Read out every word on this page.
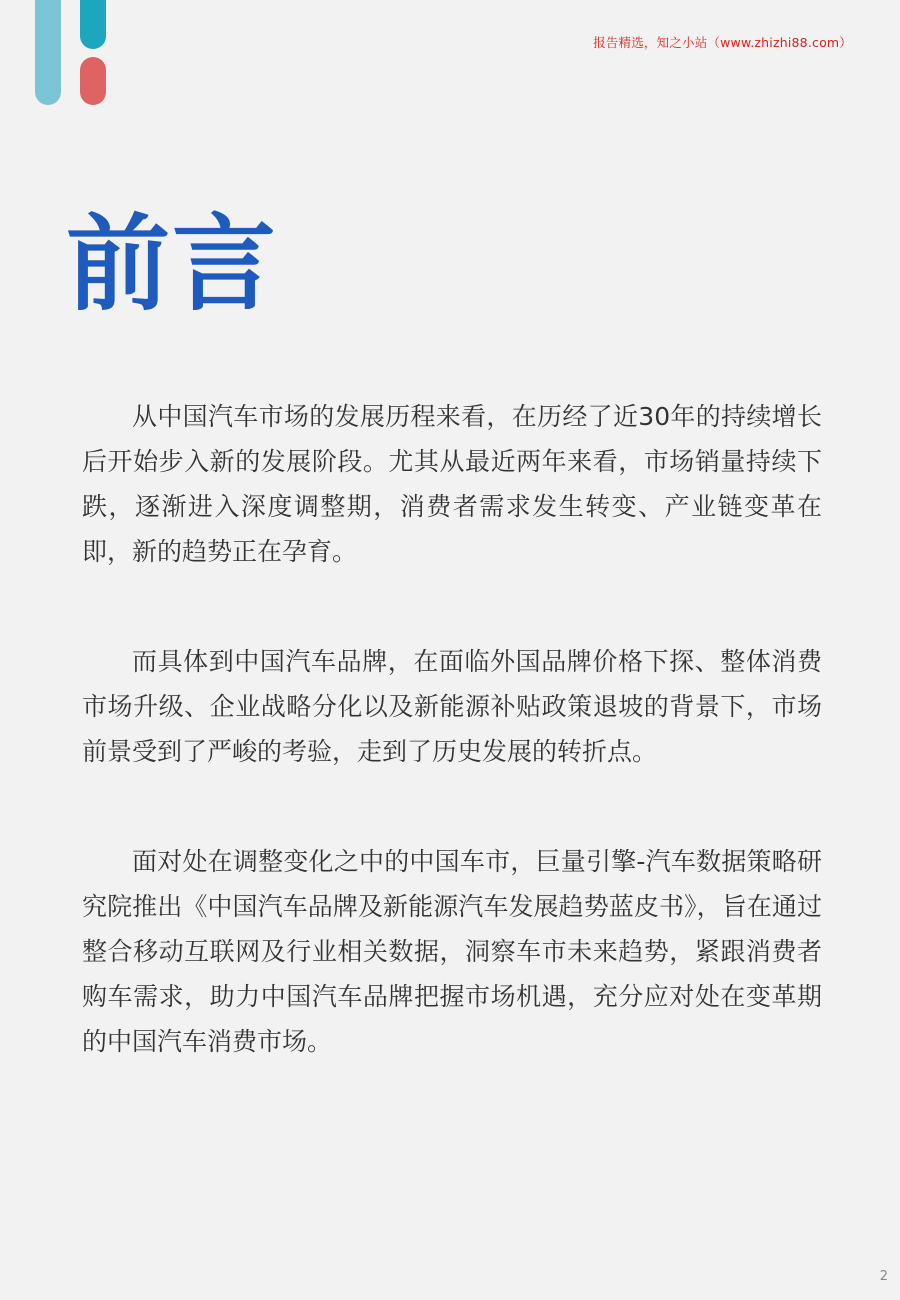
报告精选，知之小站（www.zhizhi88.com）
前言

从中国汽车市场的发展历程来看，在历经了近30年的持续增长后开始步入新的发展阶段。尤其从最近两年来看，市场销量持续下跌，逐渐进入深度调整期，消费者需求发生转变、产业链变革在即，新的趋势正在孕育。

而具体到中国汽车品牌，在面临外国品牌价格下探、整体消费市场升级、企业战略分化以及新能源补贴政策退坡的背景下，市场前景受到了严峻的考验，走到了历史发展的转折点。

面对处在调整变化之中的中国车市，巨量引擎-汽车数据策略研究院推出《中国汽车品牌及新能源汽车发展趋势蓝皮书》，旨在通过整合移动互联网及行业相关数据，洞察车市未来趋势，紧跟消费者购车需求，助力中国汽车品牌把握市场机遇，充分应对处在变革期的中国汽车消费市场。

2
